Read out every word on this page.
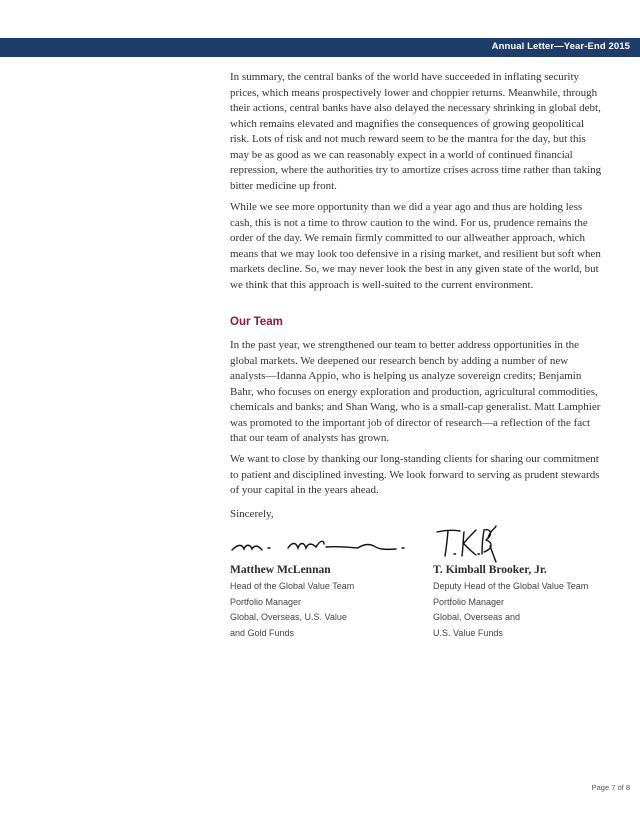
Annual Letter—Year-End 2015

In summary, the central banks of the world have succeeded in inflating security prices, which means prospectively lower and choppier returns. Meanwhile, through their actions, central banks have also delayed the necessary shrinking in global debt, which remains elevated and magnifies the consequences of growing geopolitical risk. Lots of risk and not much reward seem to be the mantra for the day, but this may be as good as we can reasonably expect in a world of continued financial repression, where the authorities try to amortize crises across time rather than taking bitter medicine up front.

While we see more opportunity than we did a year ago and thus are holding less cash, this is not a time to throw caution to the wind. For us, prudence remains the order of the day. We remain firmly committed to our allweather approach, which means that we may look too defensive in a rising market, and resilient but soft when markets decline. So, we may never look the best in any given state of the world, but we think that this approach is well-suited to the current environment.

Our Team

In the past year, we strengthened our team to better address opportunities in the global markets. We deepened our research bench by adding a number of new analysts—Idanna Appio, who is helping us analyze sovereign credits; Benjamin Bahr, who focuses on energy exploration and production, agricultural commodities, chemicals and banks; and Shan Wang, who is a small-cap generalist. Matt Lamphier was promoted to the important job of director of research—a reflection of the fact that our team of analysts has grown.

We want to close by thanking our long-standing clients for sharing our commitment to patient and disciplined investing. We look forward to serving as prudent stewards of your capital in the years ahead.

Sincerely,
Matthew McLennan
Head of the Global Value Team
Portfolio Manager
Global, Overseas, U.S. Value
and Gold Funds
T. Kimball Brooker, Jr.
Deputy Head of the Global Value Team
Portfolio Manager
Global, Overseas and
U.S. Value Funds
Page 7 of 8
